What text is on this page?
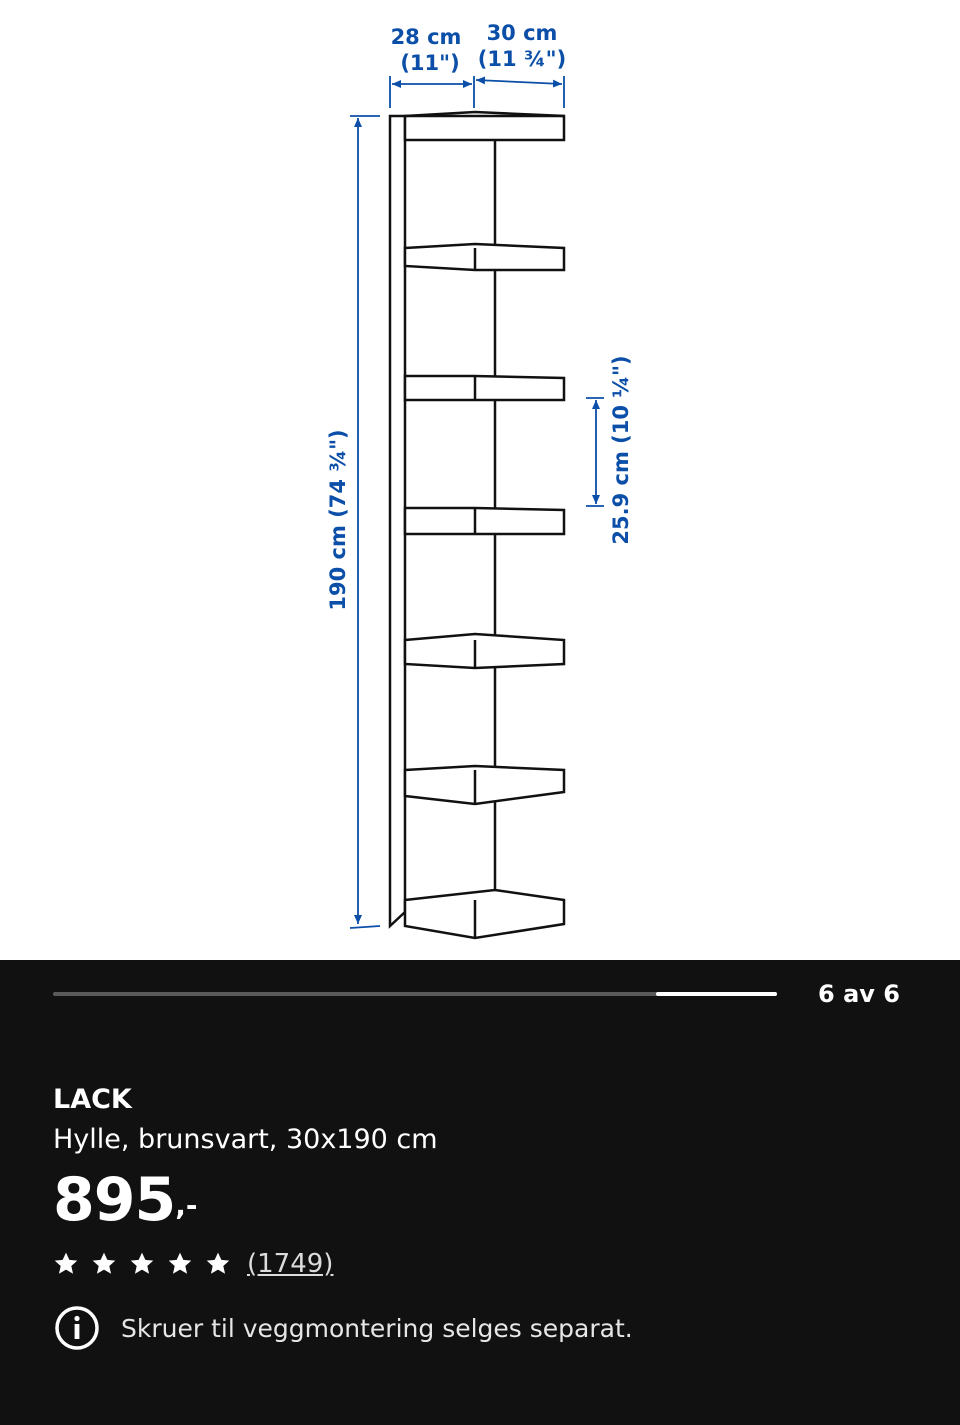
28 cm
(11")
30 cm
(11 ¾")
190 cm (74 ¾")	25.9 cm (10 ¼")
6 av 6
LACK
Hylle, brunsvart, 30x190 cm
895,-
(1749)
Skruer til veggmontering selges separat.
